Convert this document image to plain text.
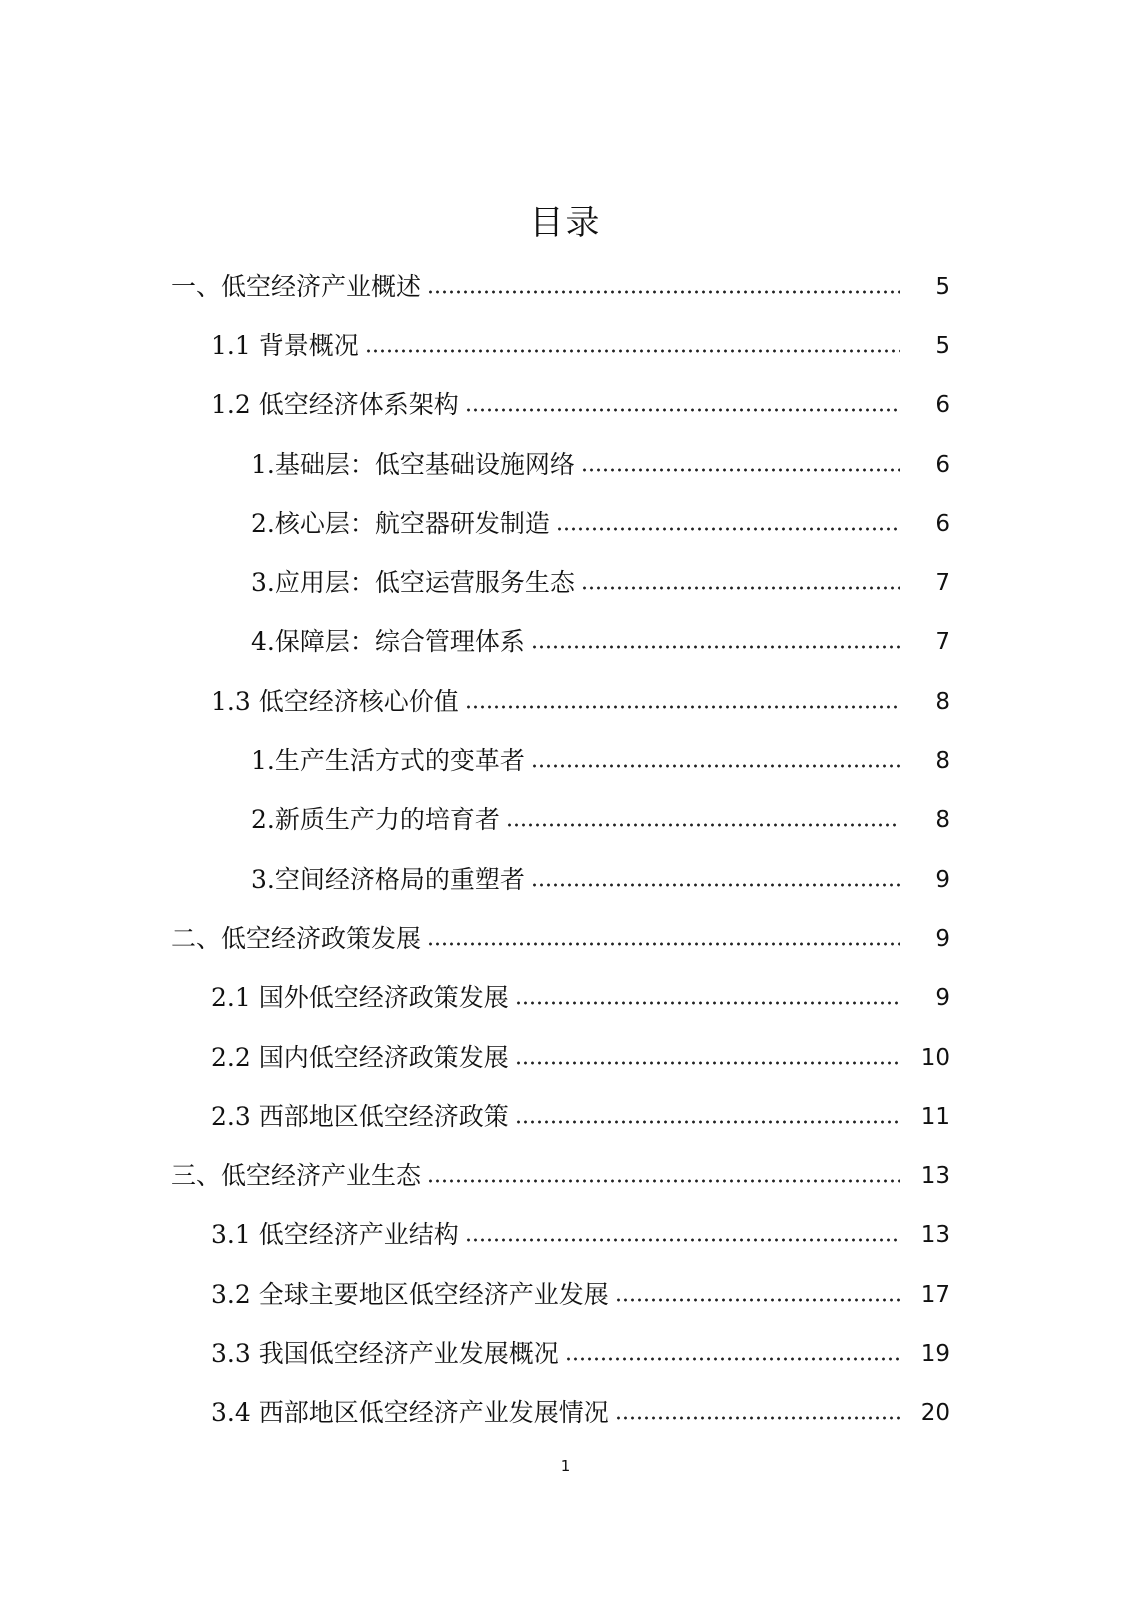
目录
一、低空经济产业概述	5
1.1 背景概况	5
1.2 低空经济体系架构	6
1.基础层：低空基础设施网络	6
2.核心层：航空器研发制造	6
3.应用层：低空运营服务生态	7
4.保障层：综合管理体系	7
1.3 低空经济核心价值	8
1.生产生活方式的变革者	8
2.新质生产力的培育者	8
3.空间经济格局的重塑者	9
二、低空经济政策发展	9
2.1 国外低空经济政策发展	9
2.2 国内低空经济政策发展	10
2.3 西部地区低空经济政策	11
三、低空经济产业生态	13
3.1 低空经济产业结构	13
3.2 全球主要地区低空经济产业发展	17
3.3 我国低空经济产业发展概况	19
3.4 西部地区低空经济产业发展情况	20
1
